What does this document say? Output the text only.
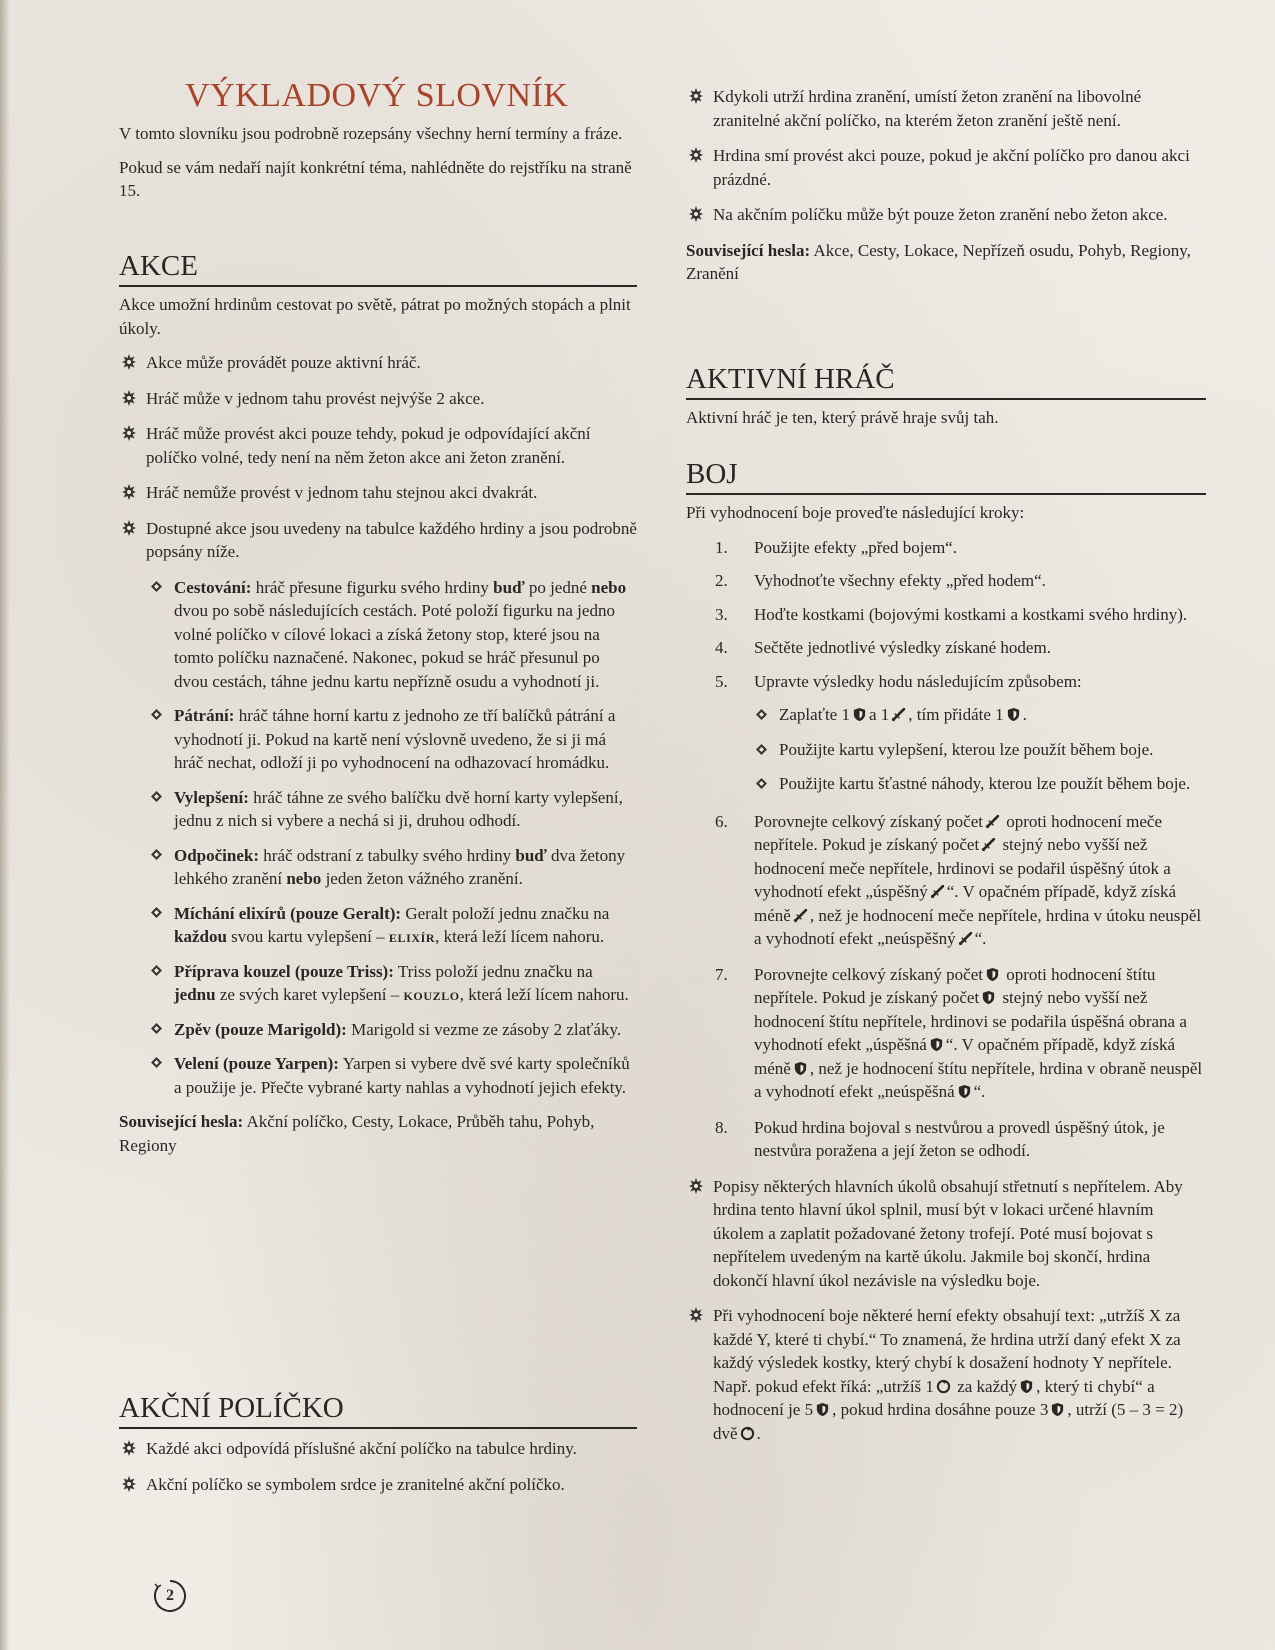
VÝKLADOVÝ SLOVNÍK

V tomto slovníku jsou podrobně rozepsány všechny herní termíny a fráze.

Pokud se vám nedaří najít konkrétní téma, nahlédněte do rejstříku na straně 15.

AKCE

Akce umožní hrdinům cestovat po světě, pátrat po možných stopách a plnit úkoly.

Akce může provádět pouze aktivní hráč.

Hráč může v jednom tahu provést nejvýše 2 akce.

Hráč může provést akci pouze tehdy, pokud je odpovídající akční políčko volné, tedy není na něm žeton akce ani žeton zranění.

Hráč nemůže provést v jednom tahu stejnou akci dvakrát.

Dostupné akce jsou uvedeny na tabulce každého hrdiny a jsou podrobně popsány níže.

Cestování: hráč přesune figurku svého hrdiny buď po jedné nebo dvou po sobě následujících cestách. Poté položí figurku na jedno volné políčko v cílové lokaci a získá žetony stop, které jsou na tomto políčku naznačené. Nakonec, pokud se hráč přesunul po dvou cestách, táhne jednu kartu nepřízně osudu a vyhodnotí ji.

Pátrání: hráč táhne horní kartu z jednoho ze tří balíčků pátrání a vyhodnotí ji. Pokud na kartě není výslovně uvedeno, že si ji má hráč nechat, odloží ji po vyhodnocení na odhazovací hromádku.

Vylepšení: hráč táhne ze svého balíčku dvě horní karty vylepšení, jednu z nich si vybere a nechá si ji, druhou odhodí.

Odpočinek: hráč odstraní z tabulky svého hrdiny buď dva žetony lehkého zranění nebo jeden žeton vážného zranění.

Míchání elixírů (pouze Geralt): Geralt položí jednu značku na každou svou kartu vylepšení – elixír, která leží lícem nahoru.

Příprava kouzel (pouze Triss): Triss položí jednu značku na jednu ze svých karet vylepšení – kouzlo, která leží lícem nahoru.

Zpěv (pouze Marigold): Marigold si vezme ze zásoby 2 zlaťáky.

Velení (pouze Yarpen): Yarpen si vybere dvě své karty společníků a použije je. Přečte vybrané karty nahlas a vyhodnotí jejich efekty.

Související hesla: Akční políčko, Cesty, Lokace, Průběh tahu, Pohyb, Regiony

AKČNÍ POLÍČKO

Každé akci odpovídá příslušné akční políčko na tabulce hrdiny.

Akční políčko se symbolem srdce je zranitelné akční políčko.

2

Kdykoli utrží hrdina zranění, umístí žeton zranění na libovolné zranitelné akční políčko, na kterém žeton zranění ještě není.

Hrdina smí provést akci pouze, pokud je akční políčko pro danou akci prázdné.

Na akčním políčku může být pouze žeton zranění nebo žeton akce.

Související hesla: Akce, Cesty, Lokace, Nepřízeň osudu, Pohyb, Regiony, Zranění

AKTIVNÍ HRÁČ

Aktivní hráč je ten, který právě hraje svůj tah.

BOJ

Při vyhodnocení boje proveďte následující kroky:

1. Použijte efekty „před bojem“.

2. Vyhodnoťte všechny efekty „před hodem“.

3. Hoďte kostkami (bojovými kostkami a kostkami svého hrdiny).

4. Sečtěte jednotlivé výsledky získané hodem.

5. Upravte výsledky hodu následujícím způsobem:

Zaplaťte 1 a 1 , tím přidáte 1 .

Použijte kartu vylepšení, kterou lze použít během boje.

Použijte kartu šťastné náhody, kterou lze použít během boje.

6. Porovnejte celkový získaný počet oproti hodnocení meče nepřítele. Pokud je získaný počet stejný nebo vyšší než hodnocení meče nepřítele, hrdinovi se podařil úspěšný útok a vyhodnotí efekt „úspěšný “. V opačném případě, když získá méně , než je hodnocení meče nepřítele, hrdina v útoku neuspěl a vyhodnotí efekt „neúspěšný “.

7. Porovnejte celkový získaný počet oproti hodnocení štítu nepřítele. Pokud je získaný počet stejný nebo vyšší než hodnocení štítu nepřítele, hrdinovi se podařila úspěšná obrana a vyhodnotí efekt „úspěšná “. V opačném případě, když získá méně , než je hodnocení štítu nepřítele, hrdina v obraně neuspěl a vyhodnotí efekt „neúspěšná “.

8. Pokud hrdina bojoval s nestvůrou a provedl úspěšný útok, je nestvůra poražena a její žeton se odhodí.

Popisy některých hlavních úkolů obsahují střetnutí s nepřítelem. Aby hrdina tento hlavní úkol splnil, musí být v lokaci určené hlavním úkolem a zaplatit požadované žetony trofejí. Poté musí bojovat s nepřítelem uvedeným na kartě úkolu. Jakmile boj skončí, hrdina dokončí hlavní úkol nezávisle na výsledku boje.

Při vyhodnocení boje některé herní efekty obsahují text: „utržíš X za každé Y, které ti chybí.“ To znamená, že hrdina utrží daný efekt X za každý výsledek kostky, který chybí k dosažení hodnoty Y nepřítele. Např. pokud efekt říká: „utržíš 1 za každý , který ti chybí“ a hodnocení je 5 , pokud hrdina dosáhne pouze 3 , utrží (5 – 3 = 2) dvě .
